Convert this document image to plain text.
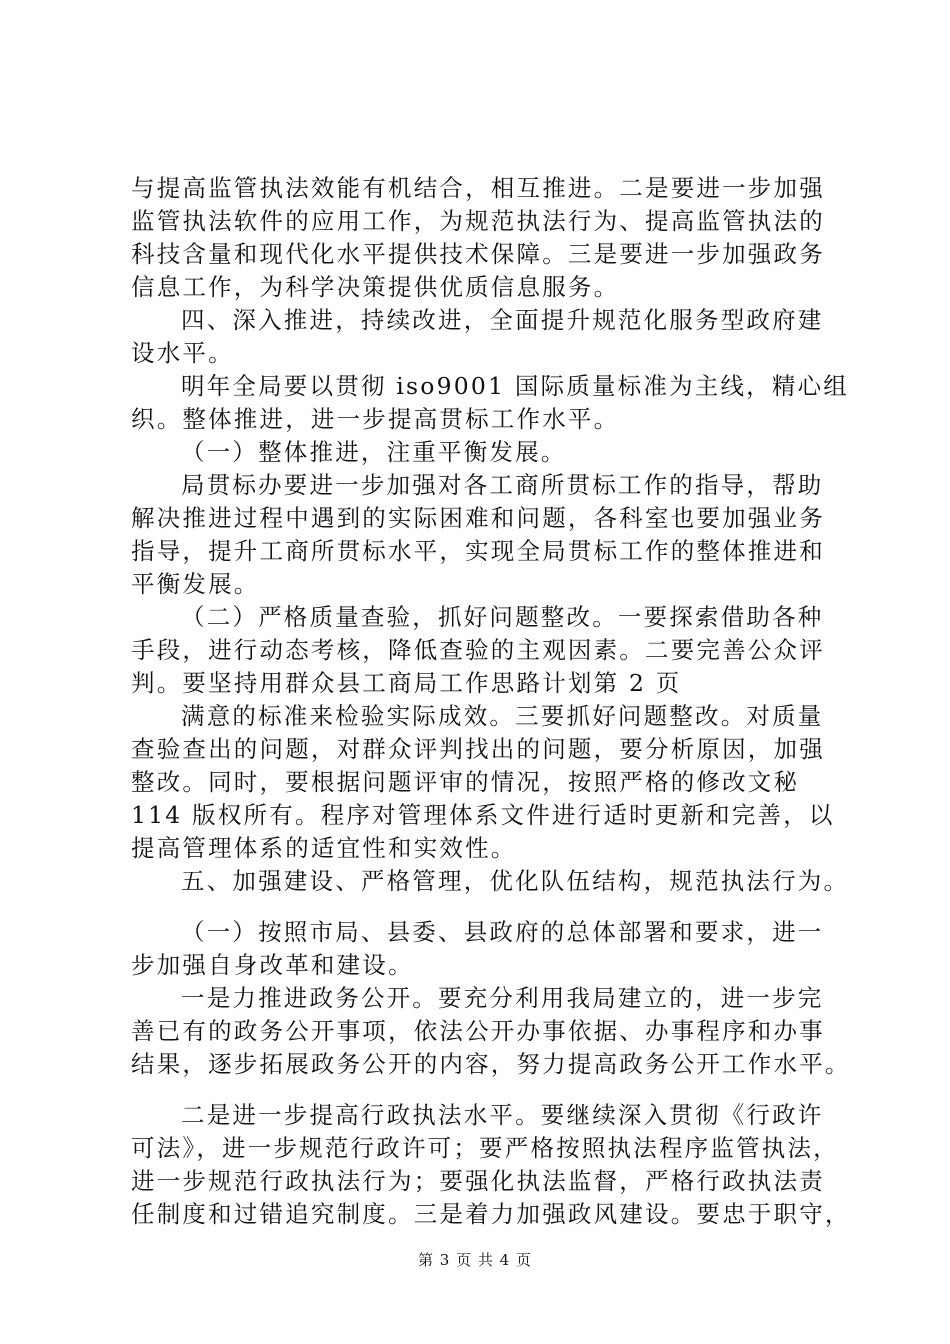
与提高监管执法效能有机结合，相互推进。二是要进一步加强
监管执法软件的应用工作，为规范执法行为、提高监管执法的
科技含量和现代化水平提供技术保障。三是要进一步加强政务
信息工作，为科学决策提供优质信息服务。
四、深入推进，持续改进，全面提升规范化服务型政府建
设水平。
明年全局要以贯彻 iso9001 国际质量标准为主线，精心组
织。整体推进，进一步提高贯标工作水平。
（一）整体推进，注重平衡发展。
局贯标办要进一步加强对各工商所贯标工作的指导，帮助
解决推进过程中遇到的实际困难和问题，各科室也要加强业务
指导，提升工商所贯标水平，实现全局贯标工作的整体推进和
平衡发展。
（二）严格质量查验，抓好问题整改。一要探索借助各种
手段，进行动态考核，降低查验的主观因素。二要完善公众评
判。要坚持用群众县工商局工作思路计划第 2 页
满意的标准来检验实际成效。三要抓好问题整改。对质量
查验查出的问题，对群众评判找出的问题，要分析原因，加强
整改。同时，要根据问题评审的情况，按照严格的修改文秘
114 版权所有。程序对管理体系文件进行适时更新和完善，以
提高管理体系的适宜性和实效性。
五、加强建设、严格管理，优化队伍结构，规范执法行为。
（一）按照市局、县委、县政府的总体部署和要求，进一
步加强自身改革和建设。
一是力推进政务公开。要充分利用我局建立的，进一步完
善已有的政务公开事项，依法公开办事依据、办事程序和办事
结果，逐步拓展政务公开的内容，努力提高政务公开工作水平。
二是进一步提高行政执法水平。要继续深入贯彻《行政许
可法》，进一步规范行政许可；要严格按照执法程序监管执法，
进一步规范行政执法行为；要强化执法监督，严格行政执法责
任制度和过错追究制度。三是着力加强政风建设。要忠于职守，
第 3 页 共 4 页
